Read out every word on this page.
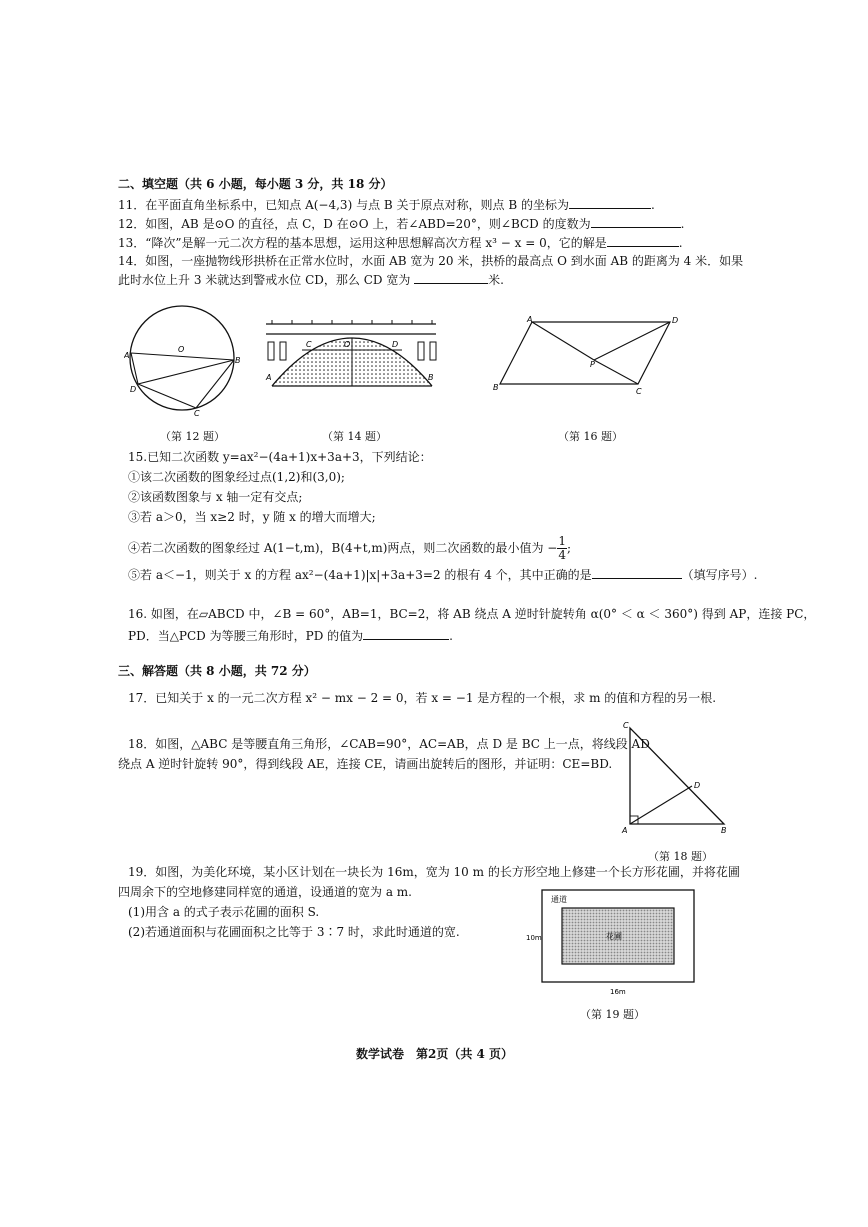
二、填空题（共 6 小题，每小题 3 分，共 18 分）
11．在平面直角坐标系中，已知点 A(−4,3) 与点 B 关于原点对称，则点 B 的坐标为	.
12．如图，AB 是⊙O 的直径，点 C，D 在⊙O 上，若∠ABD=20°，则∠BCD 的度数为	.
13．“降次”是解一元二次方程的基本思想，运用这种思想解高次方程 x³ − x = 0，它的解是	.
14．如图，一座抛物线形拱桥在正常水位时，水面 AB 宽为 20 米，拱桥的最高点 O 到水面 AB 的距离为 4 米．如果
此时水位上升 3 米就达到警戒水位 CD，那么 CD 宽为	米.
O
A
B
D
C
（第 12 题）
C	O	D
A	B
（第 14 题）
A	D
P
B	C
（第 16 题）
15.已知二次函数 y=ax²−(4a+1)x+3a+3，下列结论：
①该二次函数的图象经过点(1,2)和(3,0);
②该函数图象与 x 轴一定有交点;
③若 a＞0，当 x≥2 时，y 随 x 的增大而增大;
④若二次函数的图象经过 A(1−t,m)，B(4+t,m)两点，则二次函数的最小值为 − $\frac{1}{4}$ ;
⑤若 a＜−1，则关于 x 的方程 ax²−(4a+1)|x|+3a+3=2 的根有 4 个，其中正确的是	（填写序号）.
16. 如图，在▱ABCD 中，∠B = 60°，AB=1，BC=2，将 AB 绕点 A 逆时针旋转角 α(0° ＜ α ＜ 360°) 得到 AP，连接 PC，
PD．当△PCD 为等腰三角形时，PD 的值为	.
三、解答题（共 8 小题，共 72 分）
17．已知关于 x 的一元二次方程 x² − mx − 2 = 0，若 x = −1 是方程的一个根，求 m 的值和方程的另一根.
18．如图，△ABC 是等腰直角三角形，∠CAB=90°，AC=AB，点 D 是 BC 上一点，将线段 AD
绕点 A 逆时针旋转 90°，得到线段 AE，连接 CE，请画出旋转后的图形，并证明：CE=BD.
C
D
A	B
（第 18 题）
19．如图，为美化环境，某小区计划在一块长为 16m，宽为 10 m 的长方形空地上修建一个长方形花圃，并将花圃
四周余下的空地修建同样宽的通道，设通道的宽为 a m.
(1)用含 a 的式子表示花圃的面积 S.
(2)若通道面积与花圃面积之比等于 3∶7 时，求此时通道的宽.
通道
花圃
10m
16m
（第 19 题）
数学试卷　第2页（共 4 页）
